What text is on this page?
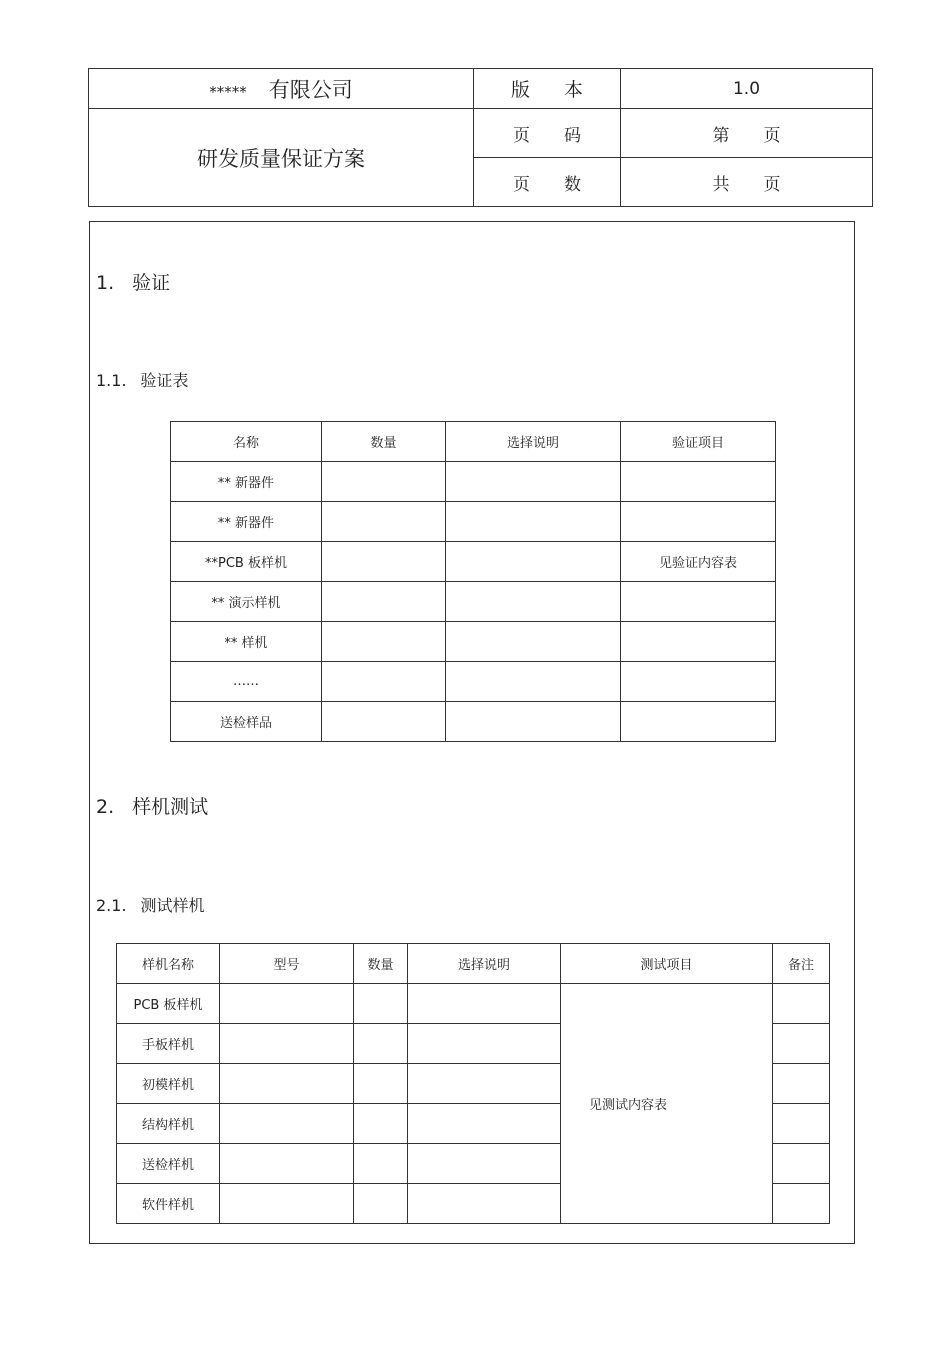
***** 有限公司	版本	1.0
研发质量保证方案	页码	第页
	页数	共页
1. 验证
1.1. 验证表
名称	数量	选择说明	验证项目
** 新器件			
** 新器件			
**PCB 板样机			见验证内容表
** 演示样机			
** 样机			
……			
送检样品			
2. 样机测试
2.1. 测试样机
样机名称	型号	数量	选择说明	测试项目	备注
PCB 板样机				见测试内容表	
手板样机					
初模样机					
结构样机					
送检样机					
软件样机					
